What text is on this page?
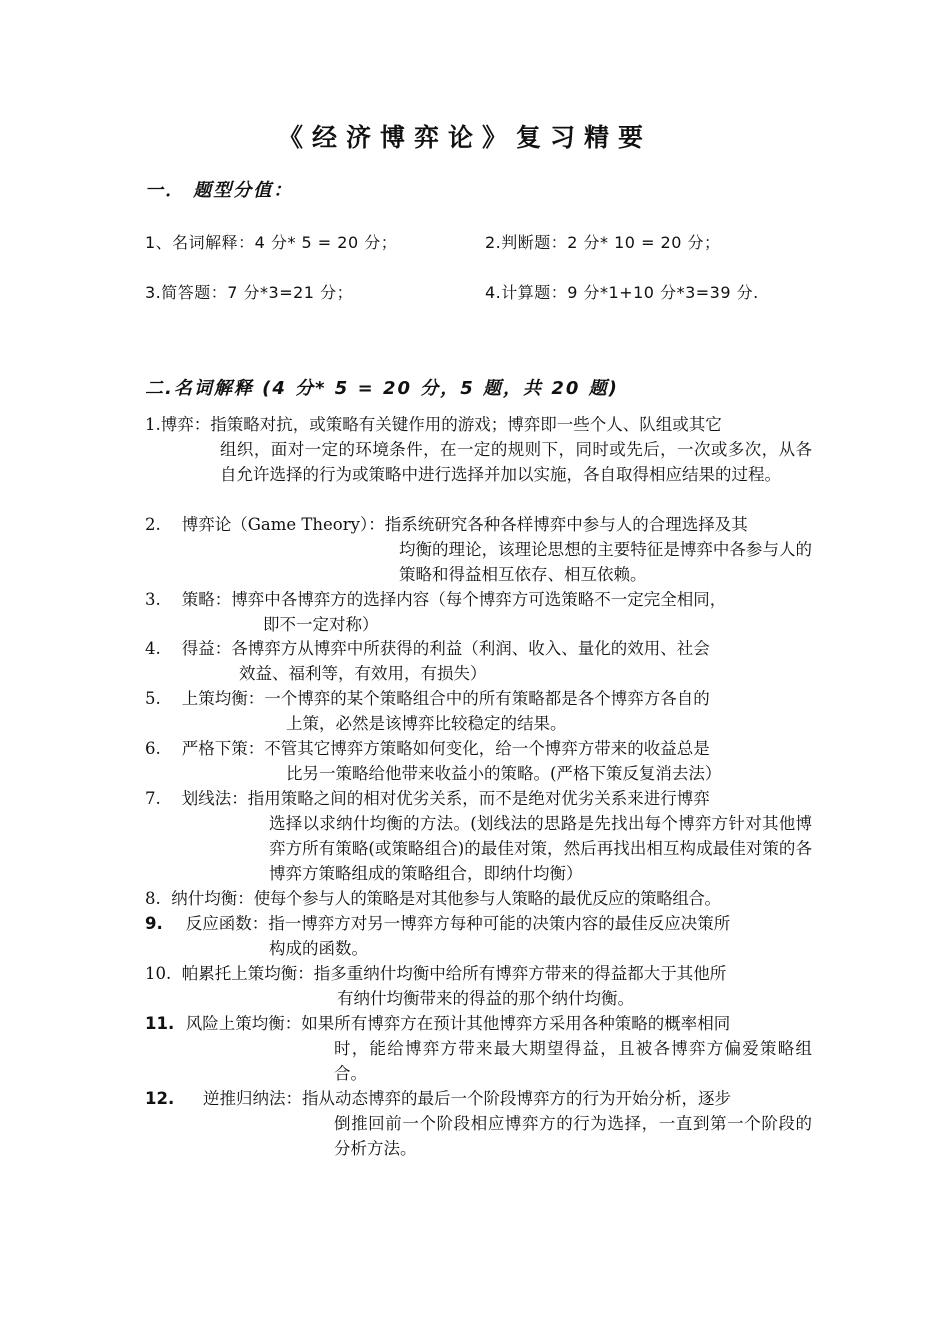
《经济博弈论》复习精要
一． 题型分值：
1、名词解释：4 分* 5 = 20 分；	2.判断题：2 分* 10 = 20 分；
3.简答题：7 分*3=21 分；	4.计算题：9 分*1+10 分*3=39 分.
二.名词解释 (4 分* 5 = 20 分，5 题，共 20 题)
1. 博弈： 指策略对抗，或策略有关键作用的游戏；博弈即一些个人、队组或其它
组织，面对一定的环境条件，在一定的规则下，同时或先后，一次或多次，从各自允许选择的行为或策略中进行选择并加以实施，各自取得相应结果的过程。
2. 博弈论（Game Theory）： 指系统研究各种各样博弈中参与人的合理选择及其
均衡的理论，该理论思想的主要特征是博弈中各参与人的策略和得益相互依存、相互依赖。
3. 策略： 博弈中各博弈方的选择内容（每个博弈方可选策略不一定完全相同，
即不一定对称）
4. 得益： 各博弈方从博弈中所获得的利益（利润、收入、量化的效用、社会
效益、福利等，有效用，有损失）
5. 上策均衡： 一个博弈的某个策略组合中的所有策略都是各个博弈方各自的
上策，必然是该博弈比较稳定的结果。
6. 严格下策： 不管其它博弈方策略如何变化，给一个博弈方带来的收益总是
比另一策略给他带来收益小的策略。(严格下策反复消去法）
7. 划线法： 指用策略之间的相对优劣关系，而不是绝对优劣关系来进行博弈
选择以求纳什均衡的方法。(划线法的思路是先找出每个博弈方针对其他博弈方所有策略(或策略组合)的最佳对策，然后再找出相互构成最佳对策的各博弈方策略组成的策略组合，即纳什均衡）
8. 纳什均衡： 使每个参与人的策略是对其他参与人策略的最优反应的策略组合。
9. 反应函数： 指一博弈方对另一博弈方每种可能的决策内容的最佳反应决策所
构成的函数。
10. 帕累托上策均衡： 指多重纳什均衡中给所有博弈方带来的得益都大于其他所
有纳什均衡带来的得益的那个纳什均衡。
11. 风险上策均衡： 如果所有博弈方在预计其他博弈方采用各种策略的概率相同
时，能给博弈方带来最大期望得益，且被各博弈方偏爱策略组合。
12. 逆推归纳法： 指从动态博弈的最后一个阶段博弈方的行为开始分析，逐步
倒推回前一个阶段相应博弈方的行为选择，一直到第一个阶段的分析方法。
